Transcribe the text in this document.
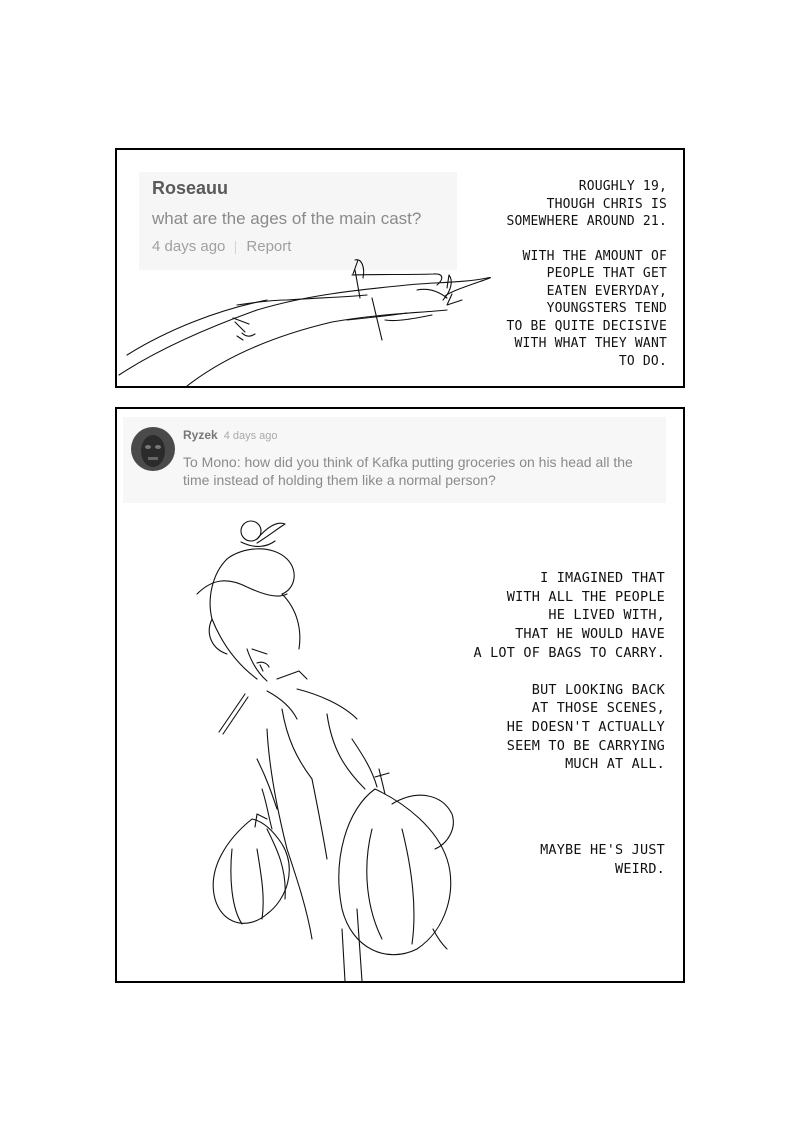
Roseauu
what are the ages of the main cast?
4 days ago Report

ROUGHLY 19,

THOUGH CHRIS IS

SOMEWHERE AROUND 21.

WITH THE AMOUNT OF

PEOPLE THAT GET

EATEN EVERYDAY,

YOUNGSTERS TEND

TO BE QUITE DECISIVE

WITH WHAT THEY WANT

TO DO.

Ryzek 4 days ago
To Mono: how did you think of Kafka putting groceries on his head all the time instead of holding them like a normal person?

I IMAGINED THAT

WITH ALL THE PEOPLE

HE LIVED WITH,

THAT HE WOULD HAVE

A LOT OF BAGS TO CARRY.

BUT LOOKING BACK

AT THOSE SCENES,

HE DOESN'T ACTUALLY

SEEM TO BE CARRYING

MUCH AT ALL.

MAYBE HE'S JUST

WEIRD.
